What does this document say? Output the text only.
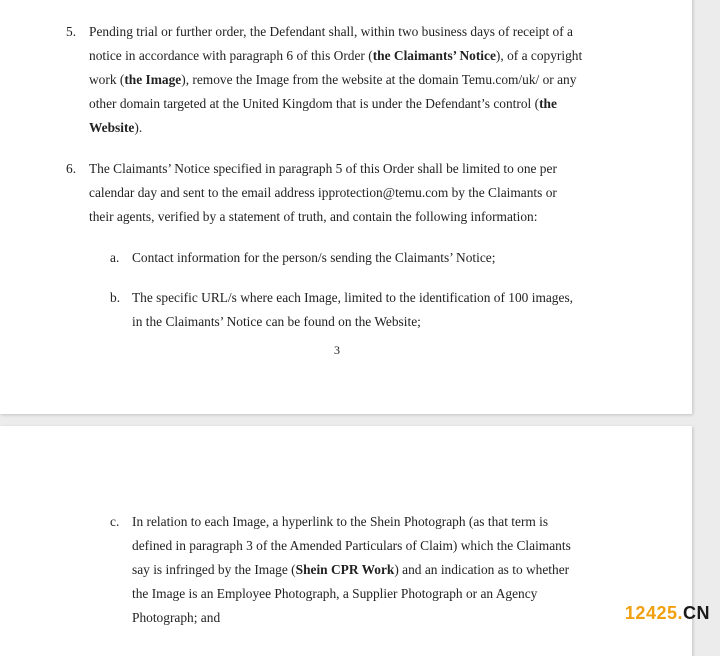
5. Pending trial or further order, the Defendant shall, within two business days of receipt of a
notice in accordance with paragraph 6 of this Order (the Claimants’ Notice), of a copyright
work (the Image), remove the Image from the website at the domain Temu.com/uk/ or any
other domain targeted at the United Kingdom that is under the Defendant’s control (the
Website).
6. The Claimants’ Notice specified in paragraph 5 of this Order shall be limited to one per
calendar day and sent to the email address ipprotection@temu.com by the Claimants or
their agents, verified by a statement of truth, and contain the following information:
a. Contact information for the person/s sending the Claimants’ Notice;
b. The specific URL/s where each Image, limited to the identification of 100 images,
in the Claimants’ Notice can be found on the Website;
3
c. In relation to each Image, a hyperlink to the Shein Photograph (as that term is
defined in paragraph 3 of the Amended Particulars of Claim) which the Claimants
say is infringed by the Image (Shein CPR Work) and an indication as to whether
the Image is an Employee Photograph, a Supplier Photograph or an Agency
Photograph; and	12425.CN
